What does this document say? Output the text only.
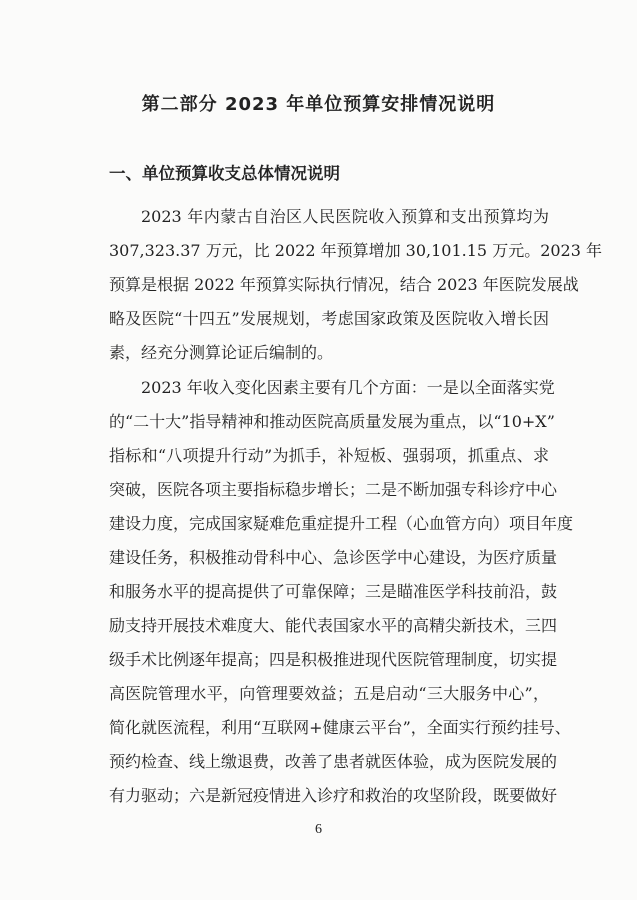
第二部分 2023 年单位预算安排情况说明
一、单位预算收支总体情况说明
2023 年内蒙古自治区人民医院收入预算和支出预算均为
307,323.37 万元，比 2022 年预算增加 30,101.15 万元。2023 年
预算是根据 2022 年预算实际执行情况，结合 2023 年医院发展战
略及医院“十四五”发展规划，考虑国家政策及医院收入增长因
素，经充分测算论证后编制的。
2023 年收入变化因素主要有几个方面：一是以全面落实党
的“二十大”指导精神和推动医院高质量发展为重点，以“10+X”
指标和“八项提升行动”为抓手，补短板、强弱项，抓重点、求
突破，医院各项主要指标稳步增长；二是不断加强专科诊疗中心
建设力度，完成国家疑难危重症提升工程（心血管方向）项目年度
建设任务，积极推动骨科中心、急诊医学中心建设，为医疗质量
和服务水平的提高提供了可靠保障；三是瞄准医学科技前沿，鼓
励支持开展技术难度大、能代表国家水平的高精尖新技术，三四
级手术比例逐年提高；四是积极推进现代医院管理制度，切实提
高医院管理水平，向管理要效益；五是启动“三大服务中心”，
简化就医流程，利用“互联网+健康云平台”，全面实行预约挂号、
预约检查、线上缴退费，改善了患者就医体验，成为医院发展的
有力驱动；六是新冠疫情进入诊疗和救治的攻坚阶段，既要做好
6
